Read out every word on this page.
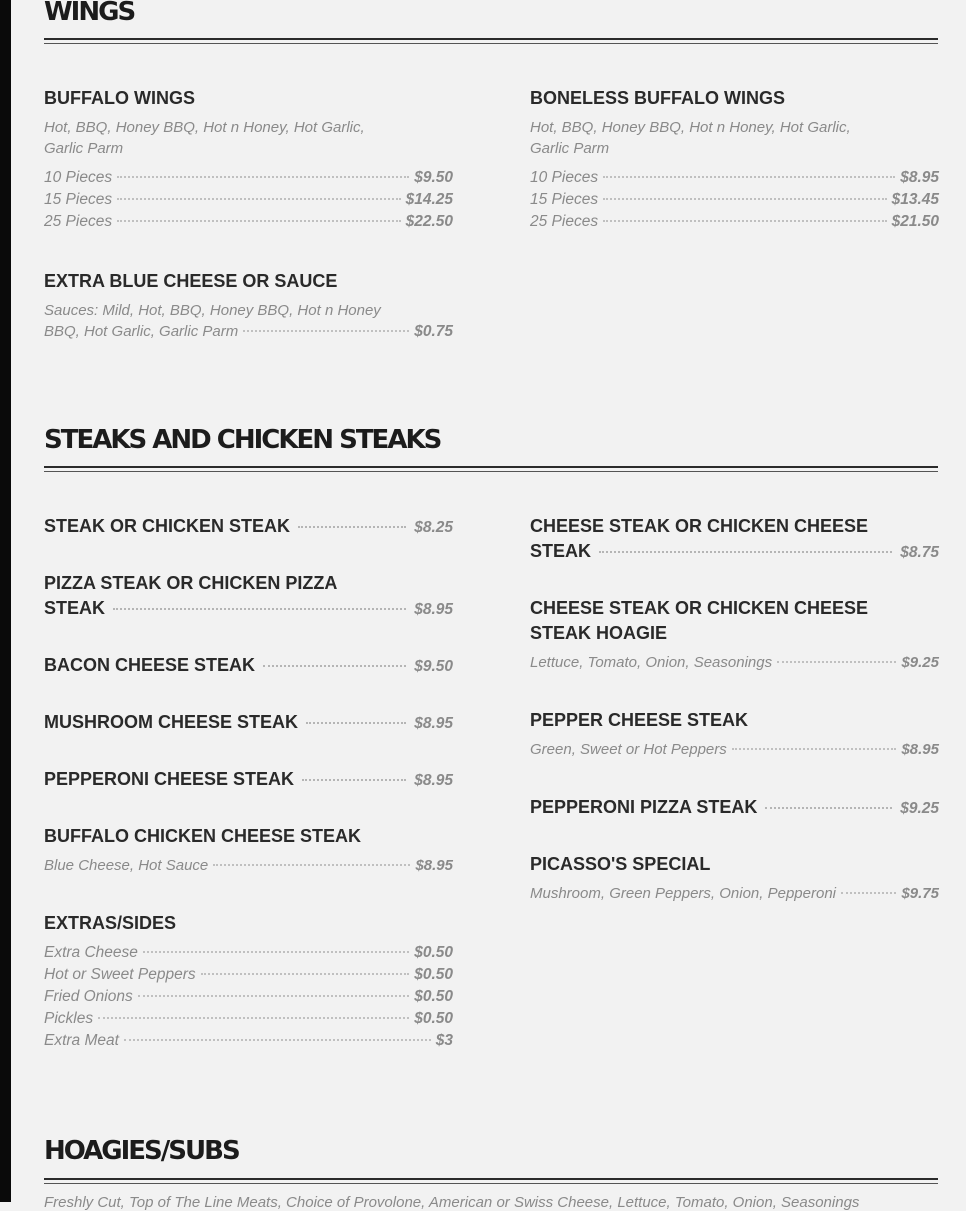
WINGS

BUFFALO WINGS

Hot, BBQ, Honey BBQ, Hot n Honey, Hot Garlic,

Garlic Parm

10 Pieces	$9.50
15 Pieces	$14.25
25 Pieces	$22.50

EXTRA BLUE CHEESE OR SAUCE

Sauces: Mild, Hot, BBQ, Honey BBQ, Hot n Honey

BBQ, Hot Garlic, Garlic Parm	$0.75

BONELESS BUFFALO WINGS

Hot, BBQ, Honey BBQ, Hot n Honey, Hot Garlic,

Garlic Parm

10 Pieces	$8.95
15 Pieces	$13.45
25 Pieces	$21.50
STEAKS AND CHICKEN STEAKS
STEAK OR CHICKEN STEAK	$8.25

PIZZA STEAK OR CHICKEN PIZZA

STEAK	$8.95
BACON CHEESE STEAK	$9.50
MUSHROOM CHEESE STEAK	$8.95
PEPPERONI CHEESE STEAK	$8.95

BUFFALO CHICKEN CHEESE STEAK

Blue Cheese, Hot Sauce	$8.95

EXTRAS/SIDES

Extra Cheese	$0.50
Hot or Sweet Peppers	$0.50
Fried Onions	$0.50
Pickles	$0.50
Extra Meat	$3

CHEESE STEAK OR CHICKEN CHEESE

STEAK	$8.75

CHEESE STEAK OR CHICKEN CHEESE

STEAK HOAGIE

Lettuce, Tomato, Onion, Seasonings	$9.25

PEPPER CHEESE STEAK

Green, Sweet or Hot Peppers	$8.95
PEPPERONI PIZZA STEAK	$9.25

PICASSO'S SPECIAL

Mushroom, Green Peppers, Onion, Pepperoni	$9.75
HOAGIES/SUBS
Freshly Cut, Top of The Line Meats, Choice of Provolone, American or Swiss Cheese, Lettuce, Tomato, Onion, Seasonings
